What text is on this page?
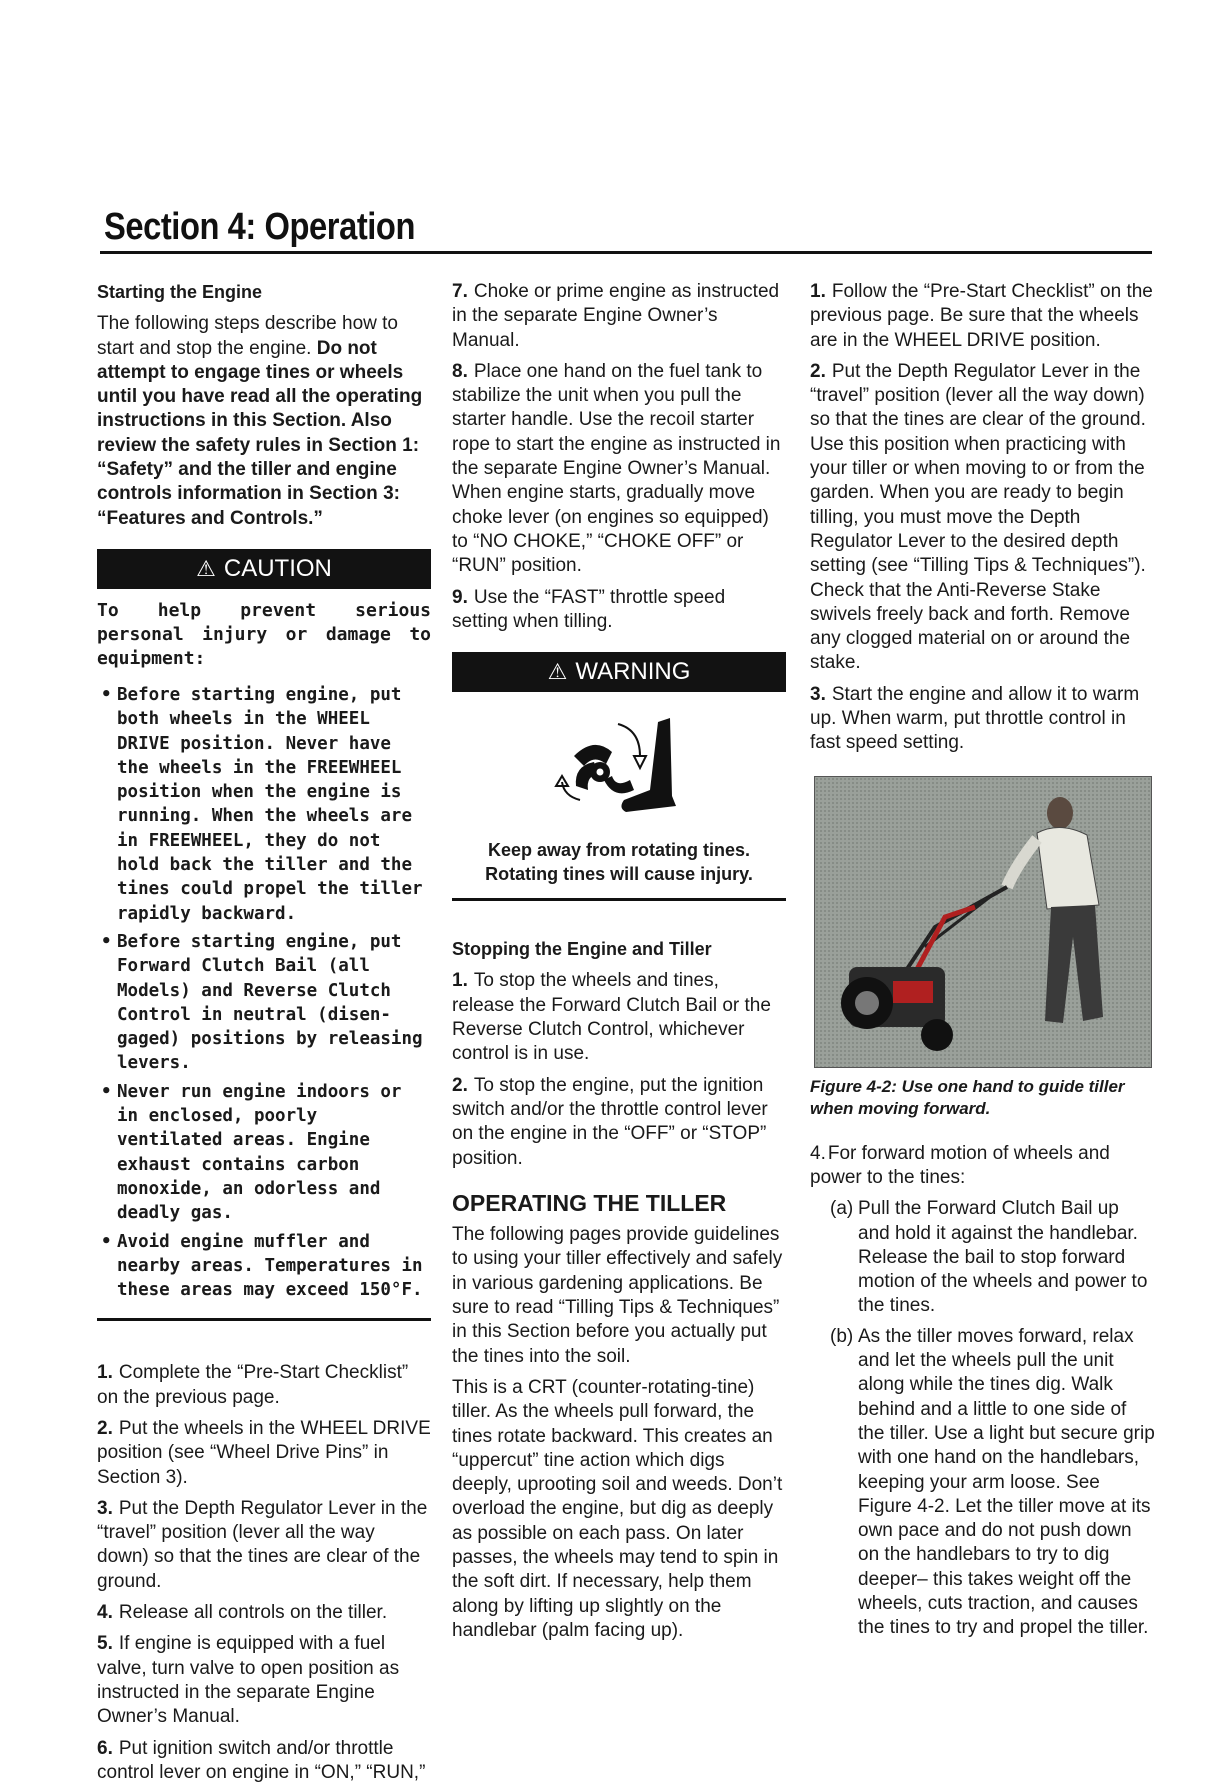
Section 4: Operation

Starting the Engine

The following steps describe how to start and stop the engine. Do not attempt to engage tines or wheels until you have read all the operating instructions in this Section. Also review the safety rules in Section 1: “Safety” and the tiller and engine controls information in Section 3: “Features and Controls.”

⚠ CAUTION

To help prevent serious personal injury or damage to equipment:

• Before starting engine, put both wheels in the WHEEL DRIVE position. Never have the wheels in the FREEWHEEL position when the engine is running. When the wheels are in FREEWHEEL, they do not hold back the tiller and the tines could propel the tiller rapidly backward.
• Before starting engine, put Forward Clutch Bail (all Models) and Reverse Clutch Control in neutral (disen-gaged) positions by releasing levers.
• Never run engine indoors or in enclosed, poorly ventilated areas. Engine exhaust contains carbon monoxide, an odorless and deadly gas.
• Avoid engine muffler and nearby areas. Temperatures in these areas may exceed 150°F.

1. Complete the “Pre-Start Checklist” on the previous page.

2. Put the wheels in the WHEEL DRIVE position (see “Wheel Drive Pins” in Section 3).

3. Put the Depth Regulator Lever in the “travel” position (lever all the way down) so that the tines are clear of the ground.

4. Release all controls on the tiller.

5. If engine is equipped with a fuel valve, turn valve to open position as instructed in the separate Engine Owner’s Manual.

6. Put ignition switch and/or throttle control lever on engine in “ON,” “RUN,”

7. Choke or prime engine as instructed in the separate Engine Owner’s Manual.

8. Place one hand on the fuel tank to stabilize the unit when you pull the starter handle. Use the recoil starter rope to start the engine as instructed in the separate Engine Owner’s Manual. When engine starts, gradually move choke lever (on engines so equipped) to “NO CHOKE,” “CHOKE OFF” or “RUN” position.

9. Use the “FAST” throttle speed setting when tilling.

⚠ WARNING

Keep away from rotating tines. Rotating tines will cause injury.

Stopping the Engine and Tiller

1. To stop the wheels and tines, release the Forward Clutch Bail or the Reverse Clutch Control, whichever control is in use.

2. To stop the engine, put the ignition switch and/or the throttle control lever on the engine in the “OFF” or “STOP” position.

OPERATING THE TILLER

The following pages provide guidelines to using your tiller effectively and safely in various gardening applications. Be sure to read “Tilling Tips & Techniques” in this Section before you actually put the tines into the soil.

This is a CRT (counter-rotating-tine) tiller. As the wheels pull forward, the tines rotate backward. This creates an “uppercut” tine action which digs deeply, uprooting soil and weeds. Don’t overload the engine, but dig as deeply as possible on each pass. On later passes, the wheels may tend to spin in the soft dirt. If necessary, help them along by lifting up slightly on the handlebar (palm facing up).

1. Follow the “Pre-Start Checklist” on the previous page. Be sure that the wheels are in the WHEEL DRIVE position.

2. Put the Depth Regulator Lever in the “travel” position (lever all the way down) so that the tines are clear of the ground. Use this position when practicing with your tiller or when moving to or from the garden. When you are ready to begin tilling, you must move the Depth Regulator Lever to the desired depth setting (see “Tilling Tips & Techniques”). Check that the Anti-Reverse Stake swivels freely back and forth. Remove any clogged material on or around the stake.

3. Start the engine and allow it to warm up. When warm, put throttle control in fast speed setting.

Figure 4-2: Use one hand to guide tiller when moving forward.

4. For forward motion of wheels and power to the tines:

(a) Pull the Forward Clutch Bail up and hold it against the handlebar. Release the bail to stop forward motion of the wheels and power to the tines.
(b) As the tiller moves forward, relax and let the wheels pull the unit along while the tines dig. Walk behind and a little to one side of the tiller. Use a light but secure grip with one hand on the handlebars, keeping your arm loose. See Figure 4-2. Let the tiller move at its own pace and do not push down on the handlebars to try to dig deeper– this takes weight off the wheels, cuts traction, and causes the tines to try and propel the tiller.
